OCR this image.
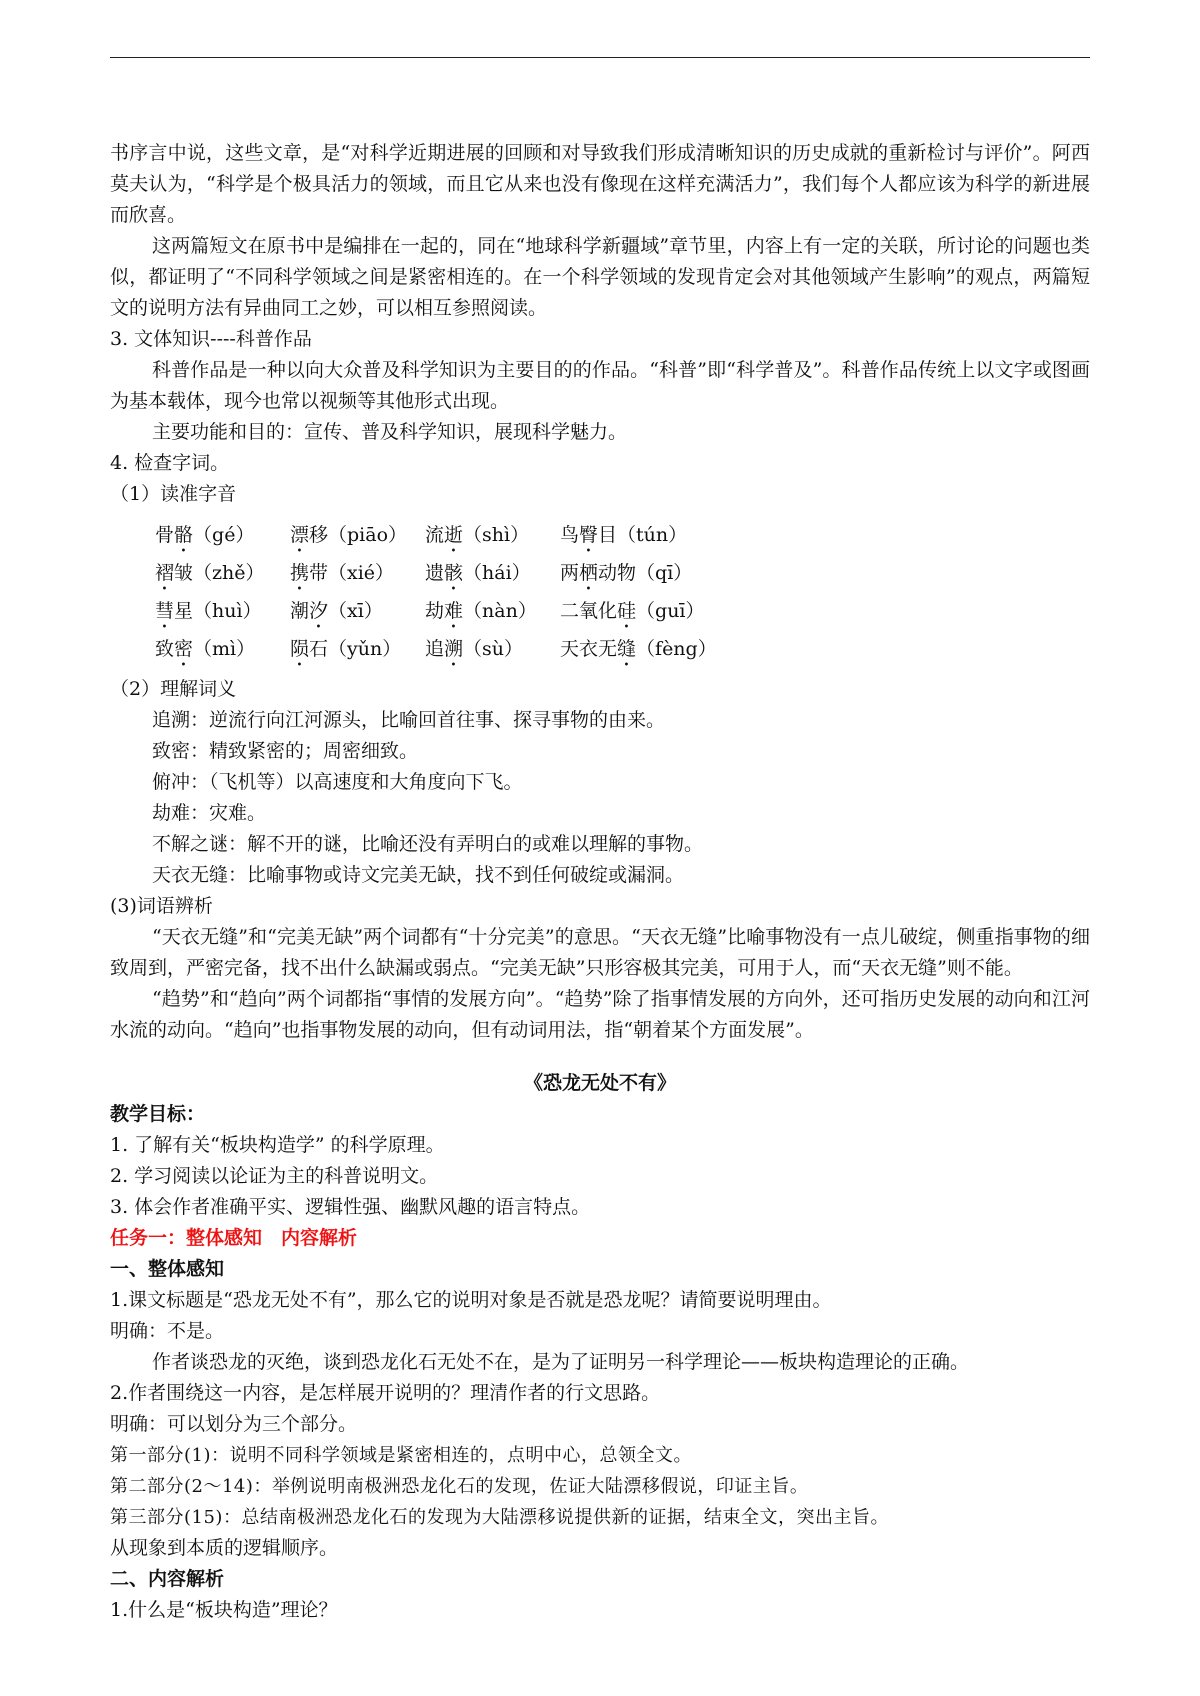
书序言中说，这些文章，是“对科学近期进展的回顾和对导致我们形成清晰知识的历史成就的重新检讨与评价”。阿西莫夫认为，“科学是个极具活力的领域，而且它从来也没有像现在这样充满活力”，我们每个人都应该为科学的新进展而欣喜。

这两篇短文在原书中是编排在一起的，同在“地球科学新疆域”章节里，内容上有一定的关联，所讨论的问题也类似，都证明了“不同科学领域之间是紧密相连的。在一个科学领域的发现肯定会对其他领域产生影响”的观点，两篇短文的说明方法有异曲同工之妙，可以相互参照阅读。

3. 文体知识----科普作品

科普作品是一种以向大众普及科学知识为主要目的的作品。“科普”即“科学普及”。科普作品传统上以文字或图画为基本载体，现今也常以视频等其他形式出现。

主要功能和目的：宣传、普及科学知识，展现科学魅力。

4. 检查字词。

（1）读准字音

骨骼（gé）	漂移（piāo） 流逝（shì）	鸟臀目（tún）
褶皱（zhě）	携带（xié）	遗骸（hái）	两栖动物（qī）
彗星（huì）	潮汐（xī）	劫难（nàn）	二氧化硅（guī）
致密（mì）	陨石（yǔn）	追溯（sù）	天衣无缝（fèng）

（2）理解词义

追溯：逆流行向江河源头，比喻回首往事、探寻事物的由来。

致密：精致紧密的；周密细致。

俯冲：（飞机等）以高速度和大角度向下飞。

劫难：灾难。

不解之谜：解不开的谜，比喻还没有弄明白的或难以理解的事物。

天衣无缝：比喻事物或诗文完美无缺，找不到任何破绽或漏洞。

(3)词语辨析

“天衣无缝”和“完美无缺”两个词都有“十分完美”的意思。“天衣无缝”比喻事物没有一点儿破绽，侧重指事物的细致周到，严密完备，找不出什么缺漏或弱点。“完美无缺”只形容极其完美，可用于人，而“天衣无缝”则不能。

“趋势”和“趋向”两个词都指“事情的发展方向”。“趋势”除了指事情发展的方向外，还可指历史发展的动向和江河水流的动向。“趋向”也指事物发展的动向，但有动词用法，指“朝着某个方面发展”。

《恐龙无处不有》

教学目标：

1. 了解有关“板块构造学” 的科学原理。

2. 学习阅读以论证为主的科普说明文。

3. 体会作者准确平实、逻辑性强、幽默风趣的语言特点。

任务一：整体感知　内容解析

一、整体感知

1.课文标题是“恐龙无处不有”，那么它的说明对象是否就是恐龙呢？请简要说明理由。

明确：不是。

作者谈恐龙的灭绝，谈到恐龙化石无处不在，是为了证明另一科学理论——板块构造理论的正确。

2.作者围绕这一内容，是怎样展开说明的？理清作者的行文思路。

明确：可以划分为三个部分。

第一部分(1)：说明不同科学领域是紧密相连的，点明中心，总领全文。

第二部分(2～14)：举例说明南极洲恐龙化石的发现，佐证大陆漂移假说，印证主旨。

第三部分(15)：总结南极洲恐龙化石的发现为大陆漂移说提供新的证据，结束全文，突出主旨。

从现象到本质的逻辑顺序。

二、内容解析

1.什么是“板块构造”理论？
